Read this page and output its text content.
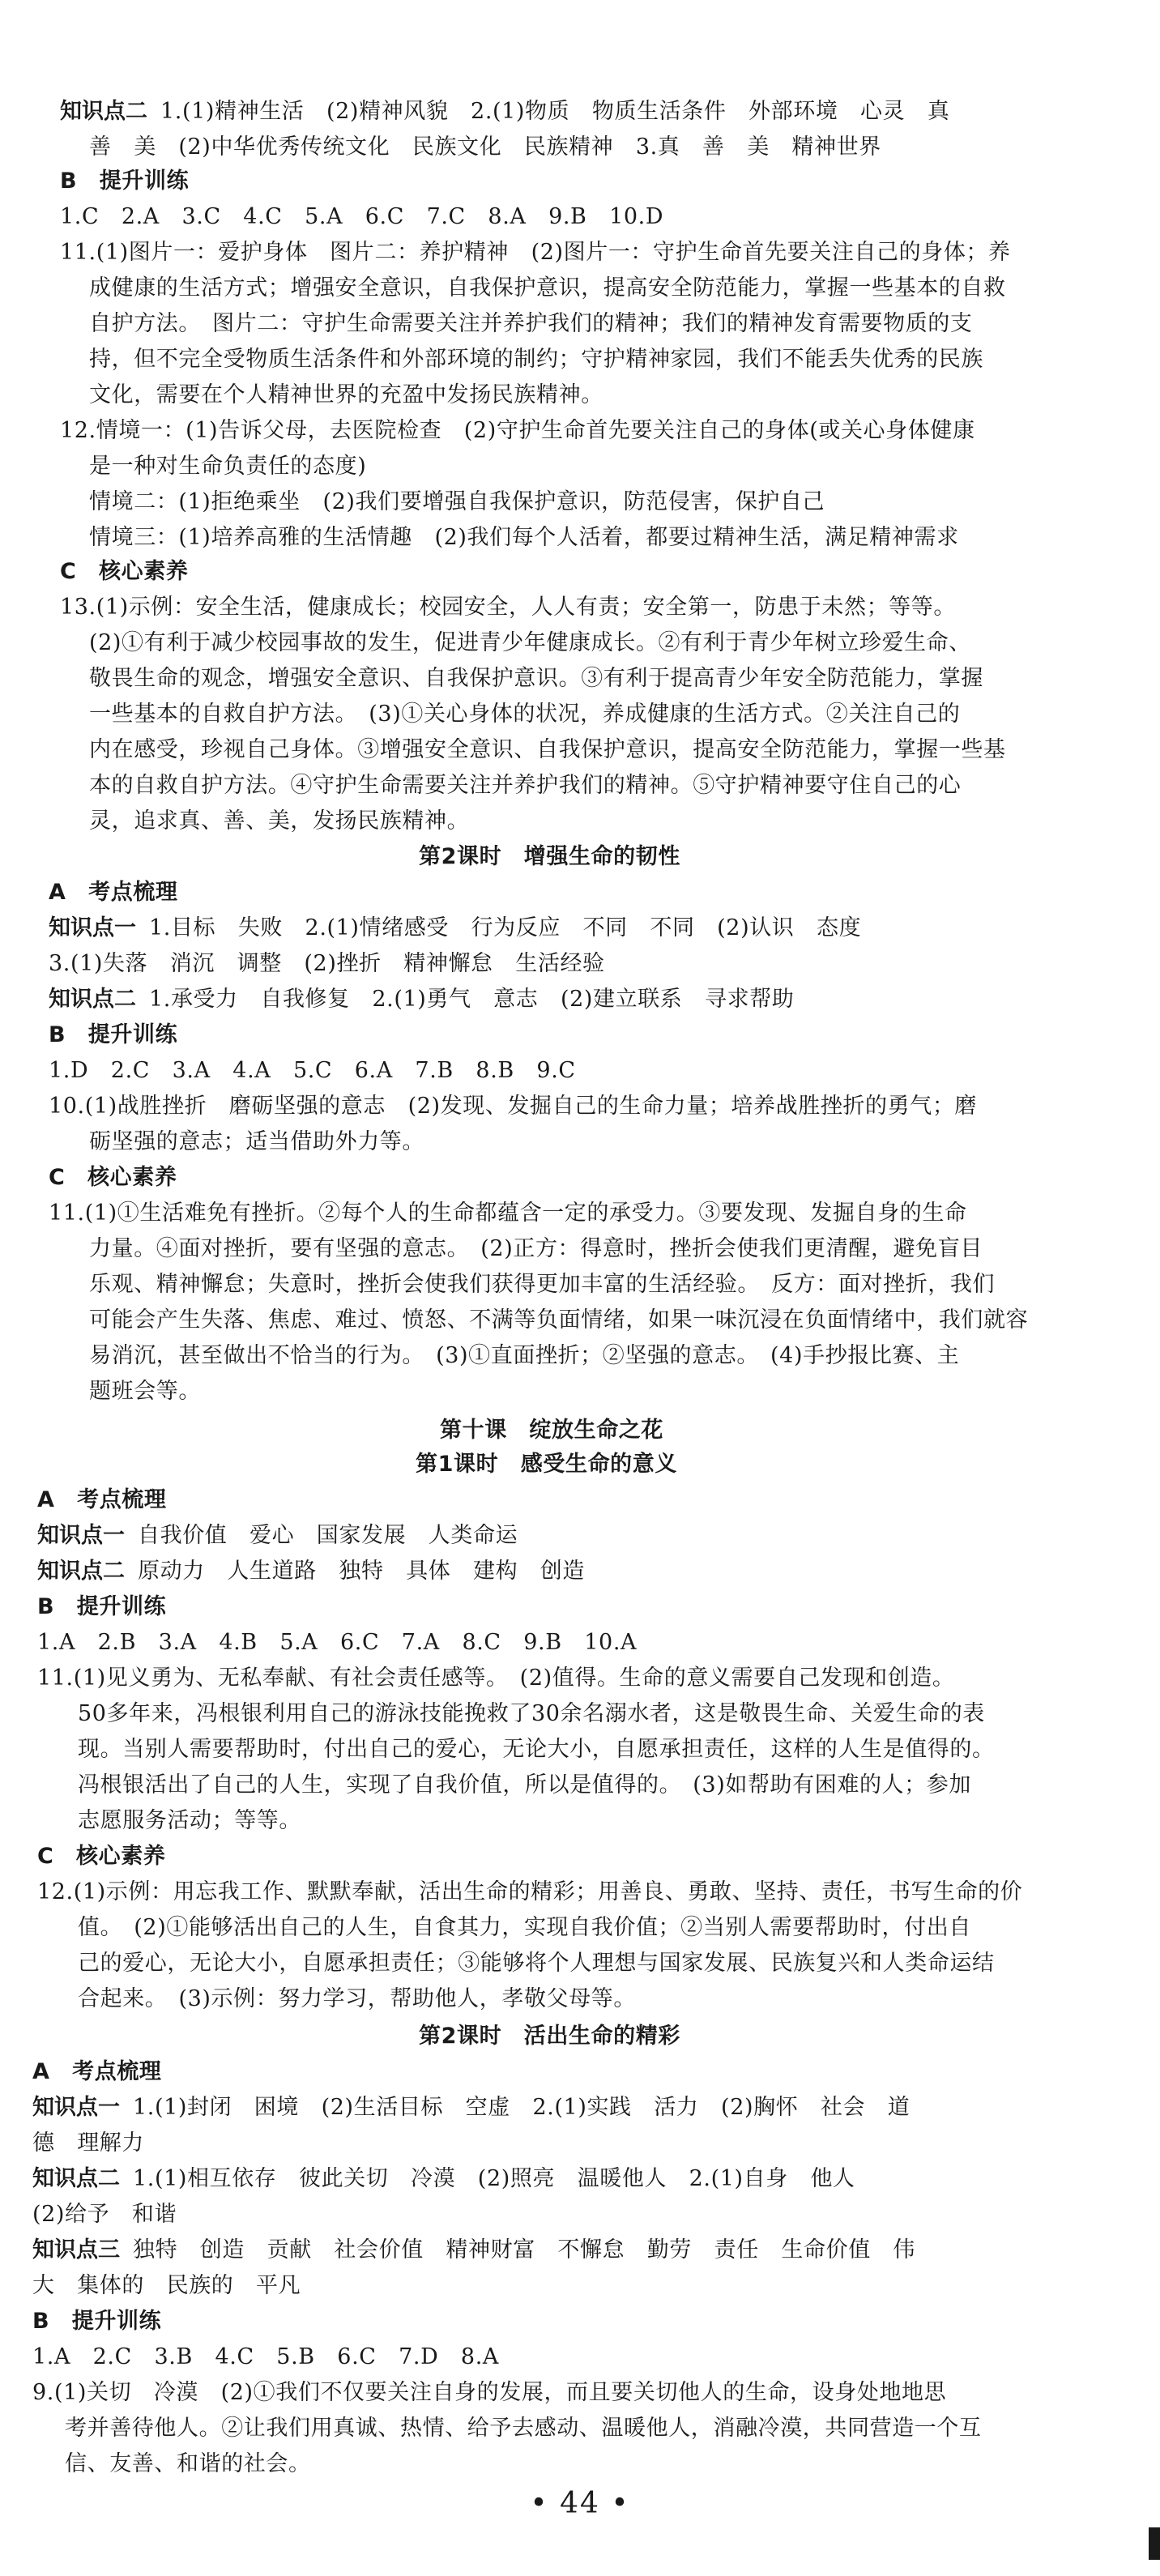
知识点二 1.(1)精神生活　(2)精神风貌　2.(1)物质　物质生活条件　外部环境　心灵　真
善　美　(2)中华优秀传统文化　民族文化　民族精神　3.真　善　美　精神世界
B　提升训练
1.C　2.A　3.C　4.C　5.A　6.C　7.C　8.A　9.B　10.D
11.(1)图片一：爱护身体　图片二：养护精神　(2)图片一：守护生命首先要关注自己的身体；养
成健康的生活方式；增强安全意识，自我保护意识，提高安全防范能力，掌握一些基本的自救
自护方法。　图片二：守护生命需要关注并养护我们的精神；我们的精神发育需要物质的支
持，但不完全受物质生活条件和外部环境的制约；守护精神家园，我们不能丢失优秀的民族
文化，需要在个人精神世界的充盈中发扬民族精神。
12.情境一：(1)告诉父母，去医院检查　(2)守护生命首先要关注自己的身体(或关心身体健康
是一种对生命负责任的态度)
情境二：(1)拒绝乘坐　(2)我们要增强自我保护意识，防范侵害，保护自己
情境三：(1)培养高雅的生活情趣　(2)我们每个人活着，都要过精神生活，满足精神需求
C　核心素养
13.(1)示例：安全生活，健康成长；校园安全，人人有责；安全第一，防患于未然；等等。
(2)①有利于减少校园事故的发生，促进青少年健康成长。②有利于青少年树立珍爱生命、
敬畏生命的观念，增强安全意识、自我保护意识。③有利于提高青少年安全防范能力，掌握
一些基本的自救自护方法。　(3)①关心身体的状况，养成健康的生活方式。②关注自己的
内在感受，珍视自己身体。③增强安全意识、自我保护意识，提高安全防范能力，掌握一些基
本的自救自护方法。④守护生命需要关注并养护我们的精神。⑤守护精神要守住自己的心
灵，追求真、善、美，发扬民族精神。
第2课时　增强生命的韧性
A　考点梳理
知识点一 1.目标　失败　2.(1)情绪感受　行为反应　不同　不同　(2)认识　态度
3.(1)失落　消沉　调整　(2)挫折　精神懈怠　生活经验
知识点二 1.承受力　自我修复　2.(1)勇气　意志　(2)建立联系　寻求帮助
B　提升训练
1.D　2.C　3.A　4.A　5.C　6.A　7.B　8.B　9.C
10.(1)战胜挫折　磨砺坚强的意志　(2)发现、发掘自己的生命力量；培养战胜挫折的勇气；磨
砺坚强的意志；适当借助外力等。
C　核心素养
11.(1)①生活难免有挫折。②每个人的生命都蕴含一定的承受力。③要发现、发掘自身的生命
力量。④面对挫折，要有坚强的意志。　(2)正方：得意时，挫折会使我们更清醒，避免盲目
乐观、精神懈怠；失意时，挫折会使我们获得更加丰富的生活经验。　反方：面对挫折，我们
可能会产生失落、焦虑、难过、愤怒、不满等负面情绪，如果一味沉浸在负面情绪中，我们就容
易消沉，甚至做出不恰当的行为。　(3)①直面挫折；②坚强的意志。　(4)手抄报比赛、主
题班会等。
第十课　绽放生命之花
第1课时　感受生命的意义
A　考点梳理
知识点一 自我价值　爱心　国家发展　人类命运
知识点二 原动力　人生道路　独特　具体　建构　创造
B　提升训练
1.A　2.B　3.A　4.B　5.A　6.C　7.A　8.C　9.B　10.A
11.(1)见义勇为、无私奉献、有社会责任感等。　(2)值得。生命的意义需要自己发现和创造。
50多年来，冯根银利用自己的游泳技能挽救了30余名溺水者，这是敬畏生命、关爱生命的表
现。当别人需要帮助时，付出自己的爱心，无论大小，自愿承担责任，这样的人生是值得的。
冯根银活出了自己的人生，实现了自我价值，所以是值得的。　(3)如帮助有困难的人；参加
志愿服务活动；等等。
C　核心素养
12.(1)示例：用忘我工作、默默奉献，活出生命的精彩；用善良、勇敢、坚持、责任，书写生命的价
值。　(2)①能够活出自己的人生，自食其力，实现自我价值；②当别人需要帮助时，付出自
己的爱心，无论大小，自愿承担责任；③能够将个人理想与国家发展、民族复兴和人类命运结
合起来。　(3)示例：努力学习，帮助他人，孝敬父母等。
第2课时　活出生命的精彩
A　考点梳理
知识点一 1.(1)封闭　困境　(2)生活目标　空虚　2.(1)实践　活力　(2)胸怀　社会　道
德　理解力
知识点二 1.(1)相互依存　彼此关切　冷漠　(2)照亮　温暖他人　2.(1)自身　他人
(2)给予　和谐
知识点三 独特　创造　贡献　社会价值　精神财富　不懈怠　勤劳　责任　生命价值　伟
大　集体的　民族的　平凡
B　提升训练
1.A　2.C　3.B　4.C　5.B　6.C　7.D　8.A
9.(1)关切　冷漠　(2)①我们不仅要关注自身的发展，而且要关切他人的生命，设身处地地思
考并善待他人。②让我们用真诚、热情、给予去感动、温暖他人，消融冷漠，共同营造一个互
信、友善、和谐的社会。
• 44 •
